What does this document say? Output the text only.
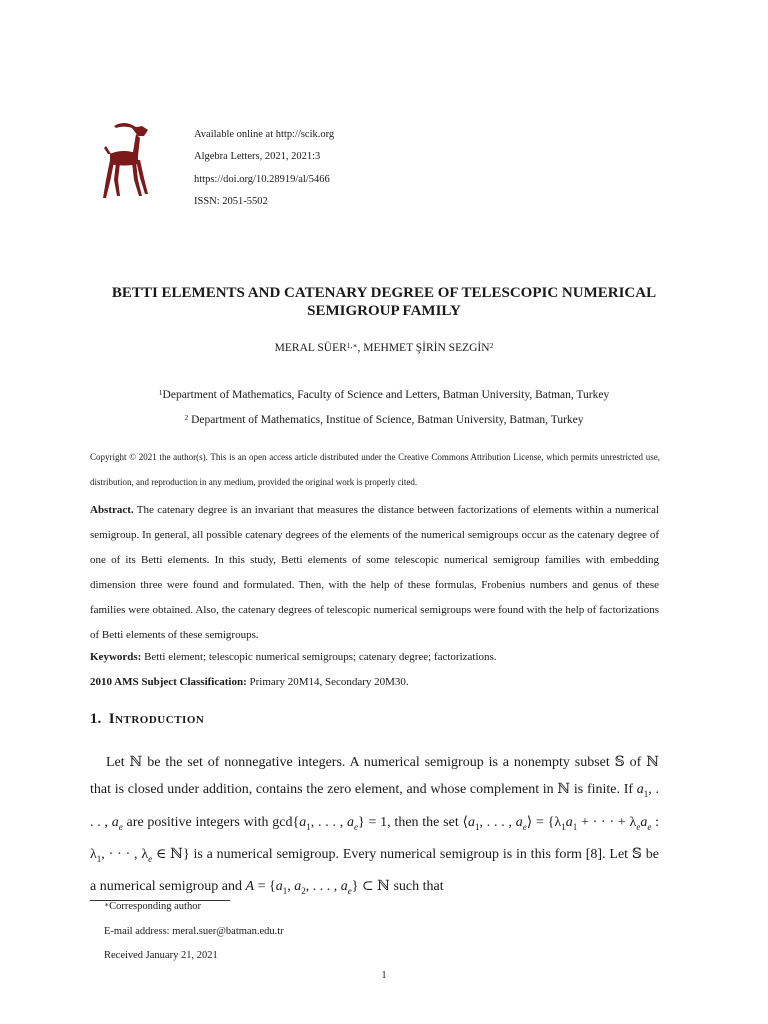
Available online at http://scik.org
Algebra Letters, 2021, 2021:3
https://doi.org/10.28919/al/5466
ISSN: 2051-5502
BETTI ELEMENTS AND CATENARY DEGREE OF TELESCOPIC NUMERICAL
SEMIGROUP FAMILY
MERAL $SÜER^{1,∗}$, MEHMET ŞİRİN SEZGİN$^2$
$^1$Department of Mathematics, Faculty of Science and Letters, Batman University, Batman, Turkey
$^2$ Department of Mathematics, Institue of Science, Batman University, Batman, Turkey
Copyright © 2021 the author(s). This is an open access article distributed under the Creative Commons Attribution License, which permits unrestricted use, distribution, and reproduction in any medium, provided the original work is properly cited.
Abstract. The catenary degree is an invariant that measures the distance between factorizations of elements within a numerical semigroup. In general, all possible catenary degrees of the elements of the numerical semigroups occur as the catenary degree of one of its Betti elements. In this study, Betti elements of some telescopic numerical semigroup families with embedding dimension three were found and formulated. Then, with the help of these formulas, Frobenius numbers and genus of these families were obtained. Also, the catenary degrees of telescopic numerical semigroups were found with the help of factorizations of Betti elements of these semigroups.
Keywords: Betti element; telescopic numerical semigroups; catenary degree; factorizations.
2010 AMS Subject Classification: Primary 20M14, Secondary 20M30.
1. Introduction

Let ℕ be the set of nonnegative integers. A numerical semigroup is a nonempty subset 𝕊 of ℕ that is closed under addition, contains the zero element, and whose complement in ℕ is finite. If $a_1$, . . . , $a_e$ are positive integers with $\gcd\{a_1$, . . . , $a_e\} = 1$, then the set $⟨a_1$, . . . , $a_e⟩ = \{\lambda_1a_1$ + · · · + $\lambda_ea_e$ : $\lambda_1$, · · · , $\lambda_e$ ∈ ℕ} is a numerical semigroup. Every numerical semigroup is in this form [8]. Let 𝕊 be a numerical semigroup and $A = \{a_1$, $a_2$, . . . , $a_e$} ⊂ ℕ such that

∗Corresponding author
E-mail address: meral.suer@batman.edu.tr
Received January 21, 2021
1
